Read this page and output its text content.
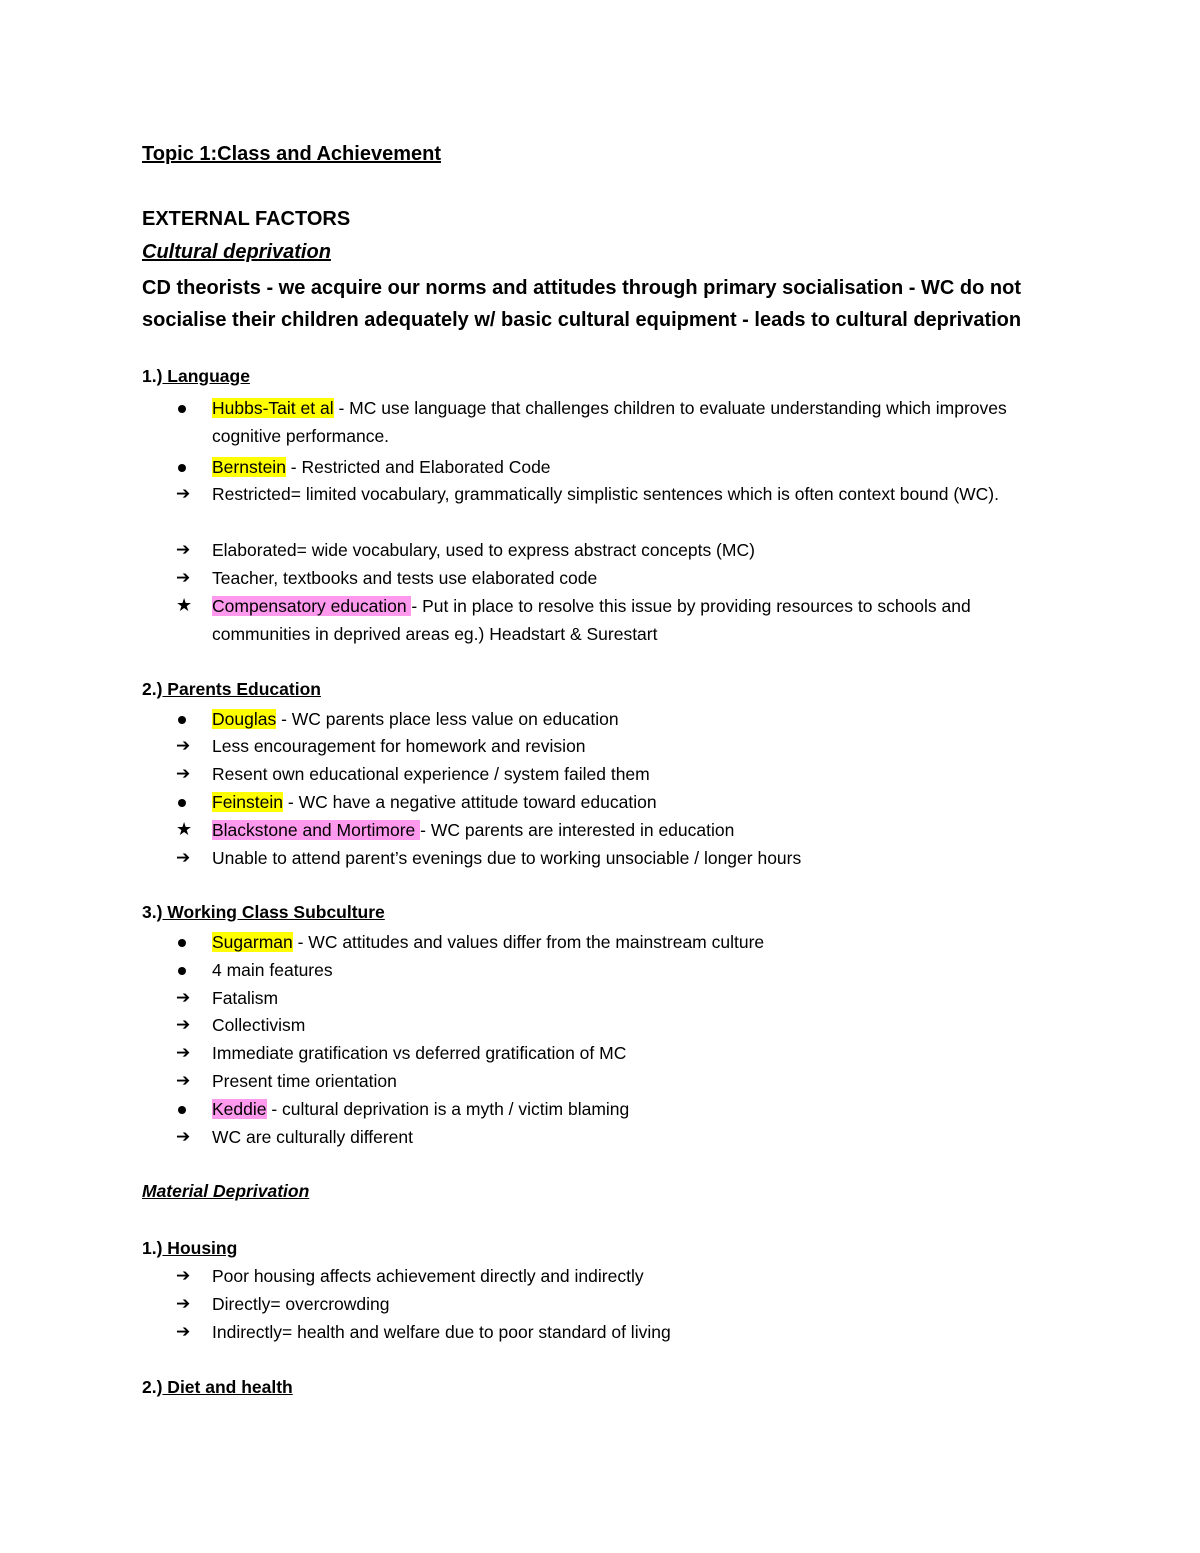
Topic 1:Class and Achievement
EXTERNAL FACTORS
Cultural deprivation
CD theorists - we acquire our norms and attitudes through primary socialisation - WC do not socialise their children adequately w/ basic cultural equipment - leads to cultural deprivation
1.) Language
Hubbs-Tait et al - MC use language that challenges children to evaluate understanding which improves cognitive performance.
Bernstein - Restricted and Elaborated Code
➔	Restricted= limited vocabulary, grammatically simplistic sentences which is often context bound (WC).
➔	Elaborated= wide vocabulary, used to express abstract concepts (MC)
➔	Teacher, textbooks and tests use elaborated code
★	Compensatory education - Put in place to resolve this issue by providing resources to schools and communities in deprived areas eg.) Headstart & Surestart
2.) Parents Education
Douglas - WC parents place less value on education
➔	Less encouragement for homework and revision
➔	Resent own educational experience / system failed them
Feinstein - WC have a negative attitude toward education
★	Blackstone and Mortimore - WC parents are interested in education
➔	Unable to attend parent’s evenings due to working unsociable / longer hours
3.) Working Class Subculture
Sugarman - WC attitudes and values differ from the mainstream culture
4 main features
➔	Fatalism
➔	Collectivism
➔	Immediate gratification vs deferred gratification of MC
➔	Present time orientation
Keddie - cultural deprivation is a myth / victim blaming
➔	WC are culturally different
Material Deprivation
1.) Housing
➔	Poor housing affects achievement directly and indirectly
➔	Directly= overcrowding
➔	Indirectly= health and welfare due to poor standard of living
2.) Diet and health
